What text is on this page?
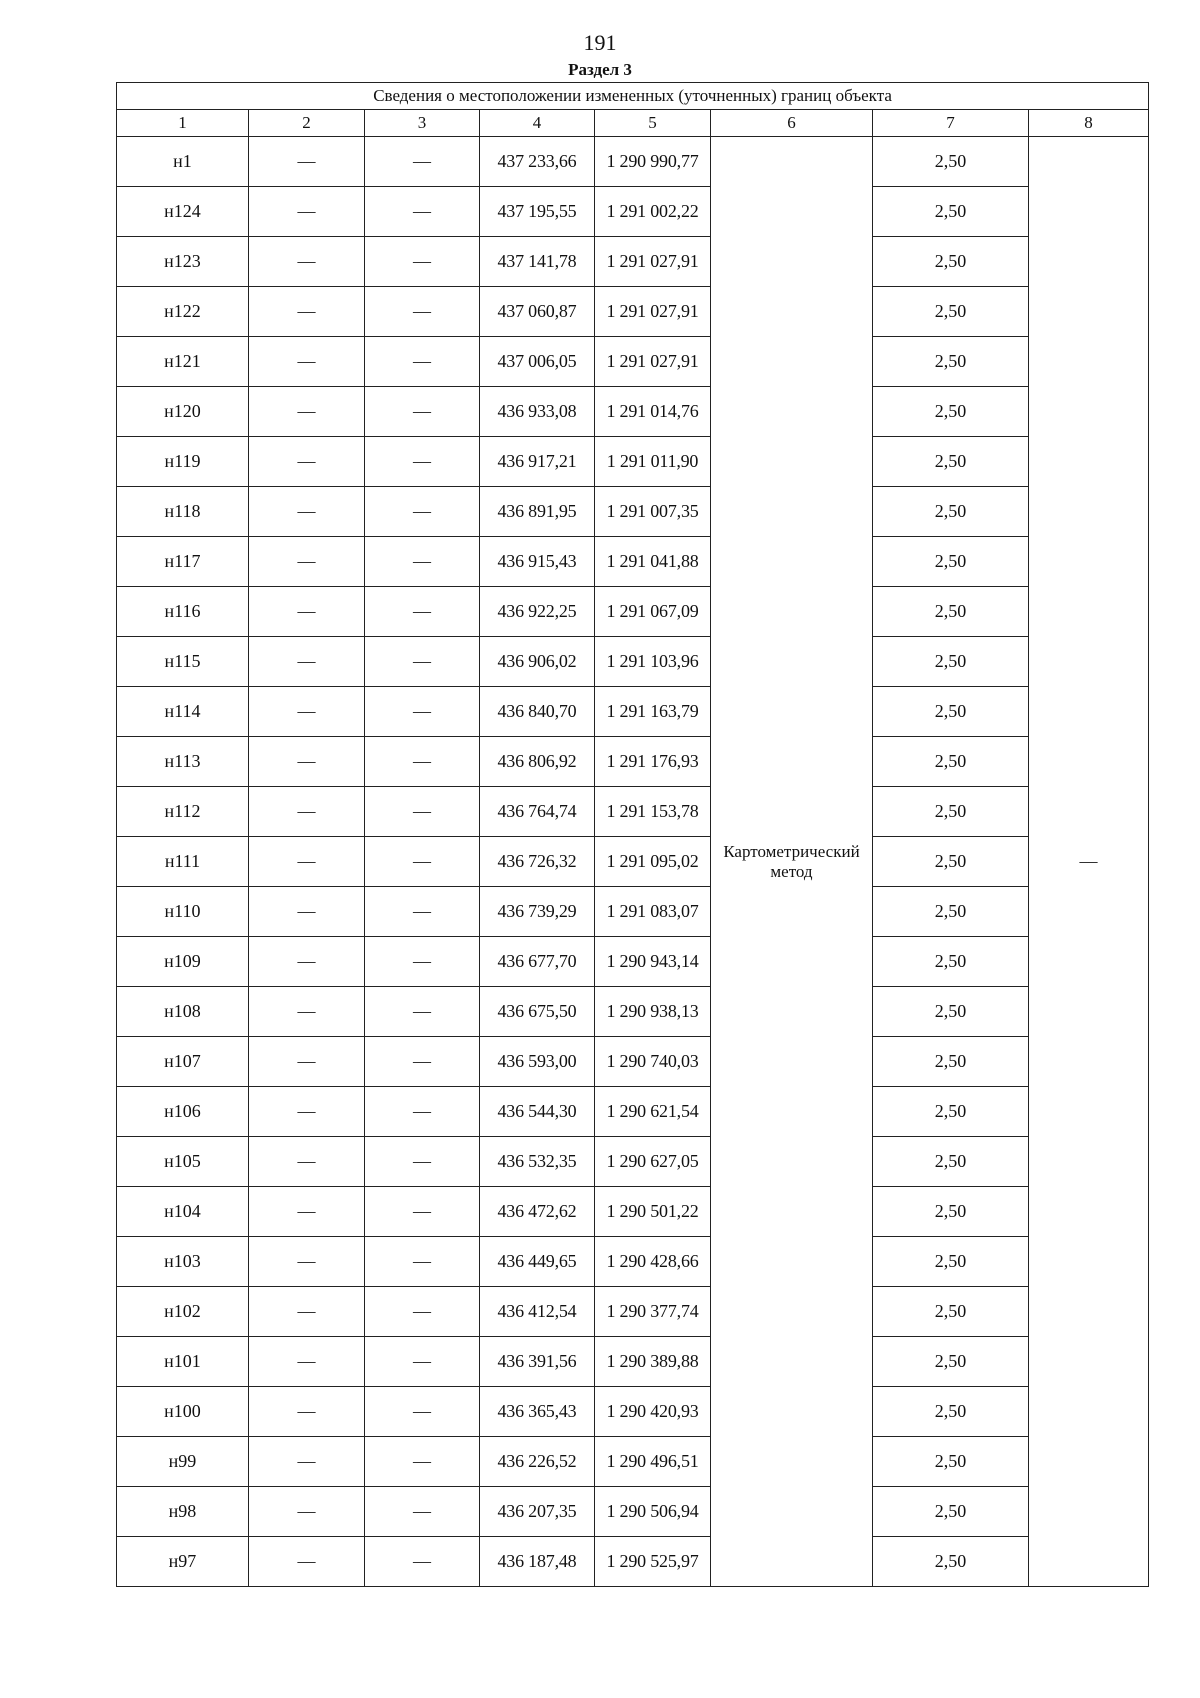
191
Раздел 3
Сведения о местоположении измененных (уточненных) границ объекта							
1	2	3	4	5	6	7	8
н1	—	—	437 233,66	1 290 990,77	Картометрический метод	2,50	—
н124	—	—	437 195,55	1 291 002,22		2,50	
н123	—	—	437 141,78	1 291 027,91		2,50	
н122	—	—	437 060,87	1 291 027,91		2,50	
н121	—	—	437 006,05	1 291 027,91		2,50	
н120	—	—	436 933,08	1 291 014,76		2,50	
н119	—	—	436 917,21	1 291 011,90		2,50	
н118	—	—	436 891,95	1 291 007,35		2,50	
н117	—	—	436 915,43	1 291 041,88		2,50	
н116	—	—	436 922,25	1 291 067,09		2,50	
н115	—	—	436 906,02	1 291 103,96		2,50	
н114	—	—	436 840,70	1 291 163,79		2,50	
н113	—	—	436 806,92	1 291 176,93		2,50	
н112	—	—	436 764,74	1 291 153,78		2,50	
н111	—	—	436 726,32	1 291 095,02		2,50	
н110	—	—	436 739,29	1 291 083,07		2,50	
н109	—	—	436 677,70	1 290 943,14		2,50	
н108	—	—	436 675,50	1 290 938,13		2,50	
н107	—	—	436 593,00	1 290 740,03		2,50	
н106	—	—	436 544,30	1 290 621,54		2,50	
н105	—	—	436 532,35	1 290 627,05		2,50	
н104	—	—	436 472,62	1 290 501,22		2,50	
н103	—	—	436 449,65	1 290 428,66		2,50	
н102	—	—	436 412,54	1 290 377,74		2,50	
н101	—	—	436 391,56	1 290 389,88		2,50	
н100	—	—	436 365,43	1 290 420,93		2,50	
н99	—	—	436 226,52	1 290 496,51		2,50	
н98	—	—	436 207,35	1 290 506,94		2,50	
н97	—	—	436 187,48	1 290 525,97		2,50	
